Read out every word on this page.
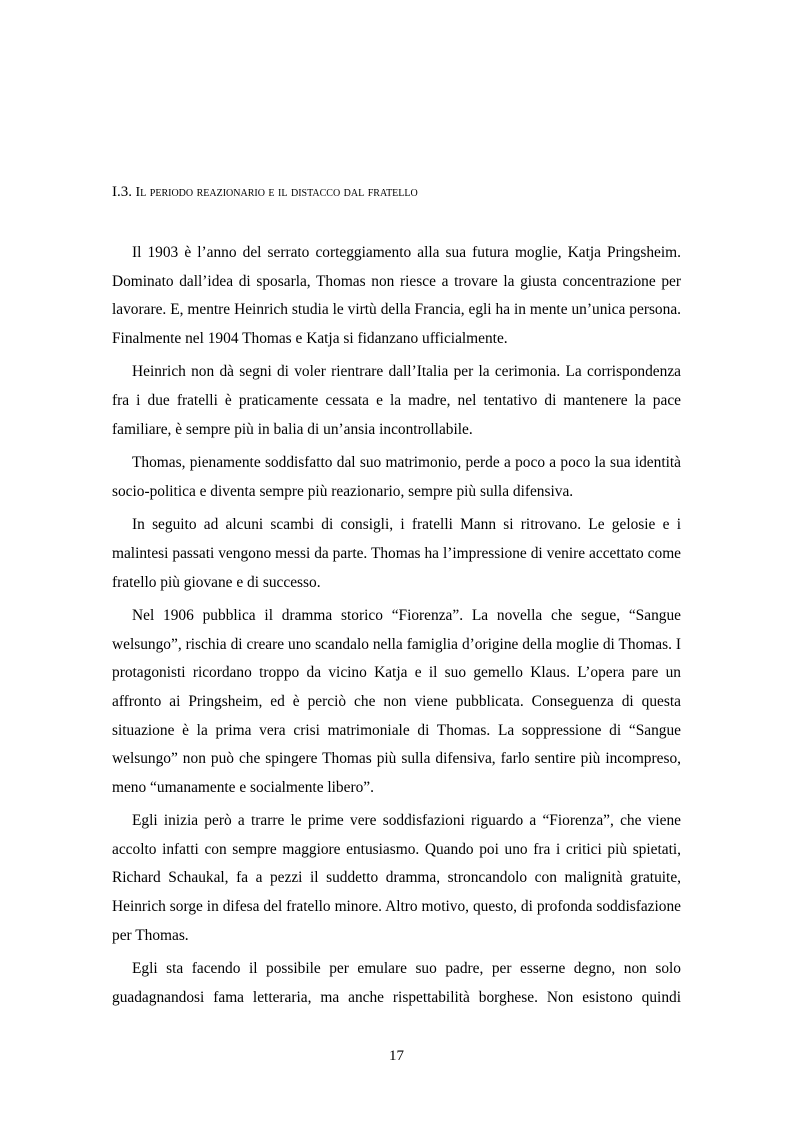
I.3. Il periodo reazionario e il distacco dal fratello

Il 1903 è l’anno del serrato corteggiamento alla sua futura moglie, Katja Pringsheim. Dominato dall’idea di sposarla, Thomas non riesce a trovare la giusta concentrazione per lavorare. E, mentre Heinrich studia le virtù della Francia, egli ha in mente un’unica persona. Finalmente nel 1904 Thomas e Katja si fidanzano ufficialmente.

Heinrich non dà segni di voler rientrare dall’Italia per la cerimonia. La corrispondenza fra i due fratelli è praticamente cessata e la madre, nel tentativo di mantenere la pace familiare, è sempre più in balia di un’ansia incontrollabile.

Thomas, pienamente soddisfatto dal suo matrimonio, perde a poco a poco la sua identità socio-politica e diventa sempre più reazionario, sempre più sulla difensiva.

In seguito ad alcuni scambi di consigli, i fratelli Mann si ritrovano. Le gelosie e i malintesi passati vengono messi da parte. Thomas ha l’impressione di venire accettato come fratello più giovane e di successo.

Nel 1906 pubblica il dramma storico “Fiorenza”. La novella che segue, “Sangue welsungo”, rischia di creare uno scandalo nella famiglia d’origine della moglie di Thomas. I protagonisti ricordano troppo da vicino Katja e il suo gemello Klaus. L’opera pare un affronto ai Pringsheim, ed è perciò che non viene pubblicata. Conseguenza di questa situazione è la prima vera crisi matrimoniale di Thomas. La soppressione di “Sangue welsungo” non può che spingere Thomas più sulla difensiva, farlo sentire più incompreso, meno “umanamente e socialmente libero”.

Egli inizia però a trarre le prime vere soddisfazioni riguardo a “Fiorenza”, che viene accolto infatti con sempre maggiore entusiasmo. Quando poi uno fra i critici più spietati, Richard Schaukal, fa a pezzi il suddetto dramma, stroncandolo con malignità gratuite, Heinrich sorge in difesa del fratello minore. Altro motivo, questo, di profonda soddisfazione per Thomas.

Egli sta facendo il possibile per emulare suo padre, per esserne degno, non solo guadagnandosi fama letteraria, ma anche rispettabilità borghese. Non esistono quindi

17
